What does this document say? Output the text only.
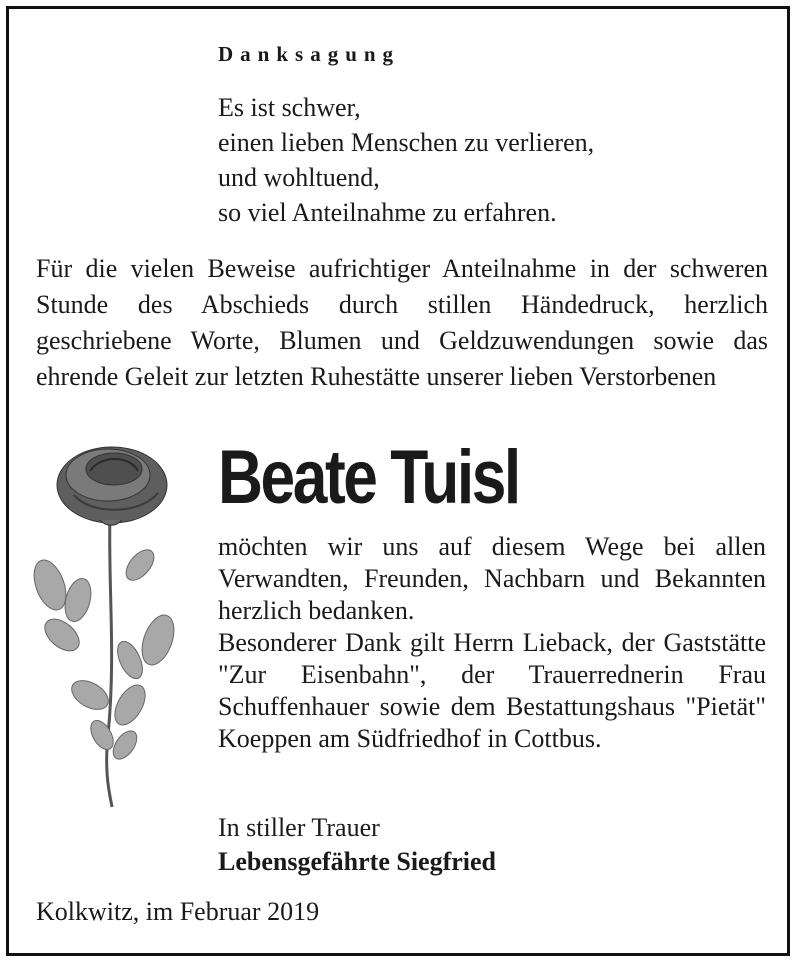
Danksagung
Es ist schwer,
einen lieben Menschen zu verlieren,
und wohltuend,
so viel Anteilnahme zu erfahren.

Für die vielen Beweise aufrichtiger Anteilnahme in der schweren Stunde des Abschieds durch stillen Händedruck, herzlich geschriebene Worte, Blumen und Geldzuwendungen sowie das ehrende Geleit zur letzten Ruhestätte unserer lieben Verstorbenen

Beate Tuisl

möchten wir uns auf diesem Wege bei allen Verwandten, Freunden, Nachbarn und Bekannten herzlich bedanken.
Besonderer Dank gilt Herrn Lieback, der Gaststätte "Zur Eisenbahn", der Trauerrednerin Frau Schuffenhauer sowie dem Bestattungshaus "Pietät" Koeppen am Südfriedhof in Cottbus.

In stiller Trauer
Lebensgefährte Siegfried

Kolkwitz, im Februar 2019
